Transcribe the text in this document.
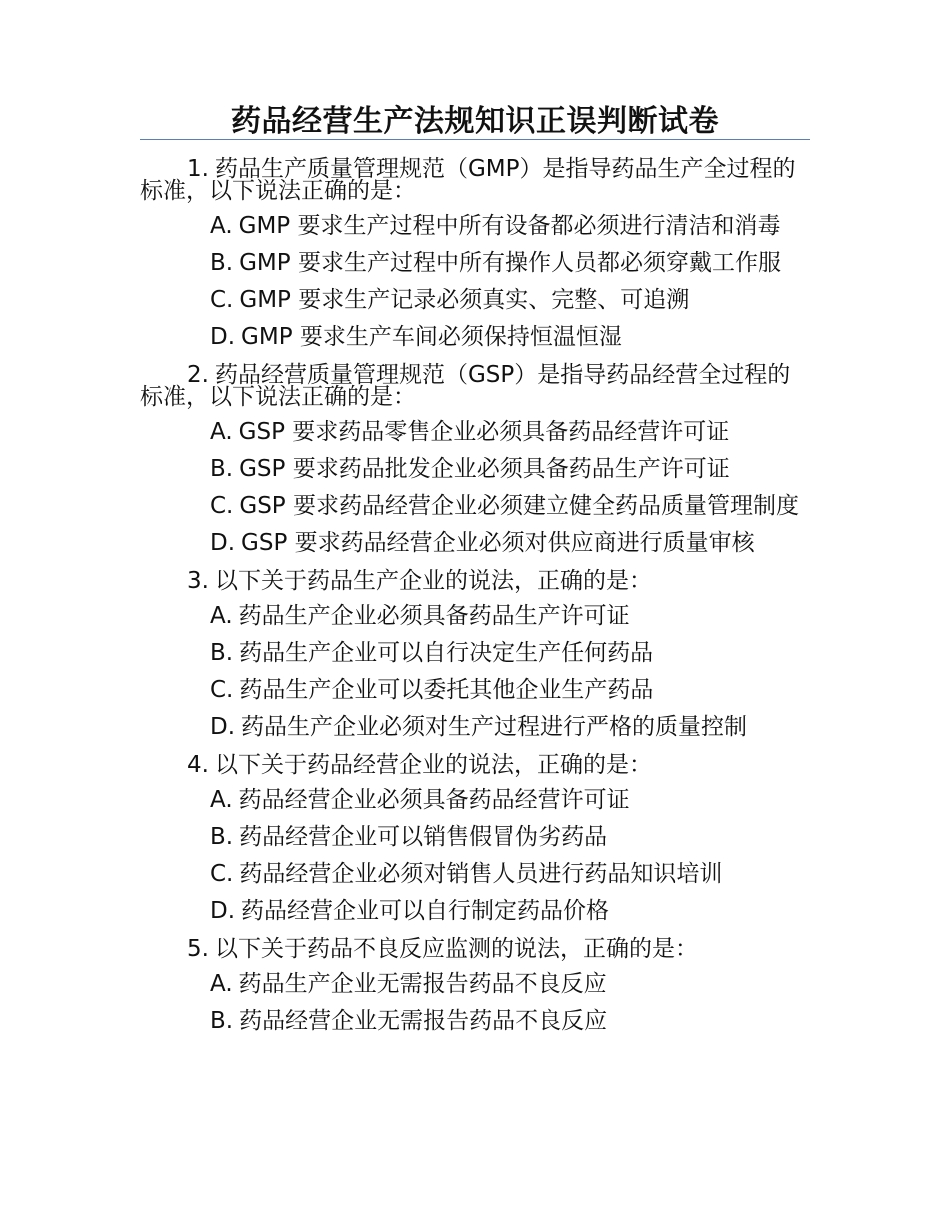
药品经营生产法规知识正误判断试卷

1. 药品生产质量管理规范（GMP）是指导药品生产全过程的标准，以下说法正确的是：

A. GMP 要求生产过程中所有设备都必须进行清洁和消毒

B. GMP 要求生产过程中所有操作人员都必须穿戴工作服

C. GMP 要求生产记录必须真实、完整、可追溯

D. GMP 要求生产车间必须保持恒温恒湿

2. 药品经营质量管理规范（GSP）是指导药品经营全过程的标准，以下说法正确的是：

A. GSP 要求药品零售企业必须具备药品经营许可证

B. GSP 要求药品批发企业必须具备药品生产许可证

C. GSP 要求药品经营企业必须建立健全药品质量管理制度

D. GSP 要求药品经营企业必须对供应商进行质量审核

3. 以下关于药品生产企业的说法，正确的是：

A. 药品生产企业必须具备药品生产许可证

B. 药品生产企业可以自行决定生产任何药品

C. 药品生产企业可以委托其他企业生产药品

D. 药品生产企业必须对生产过程进行严格的质量控制

4. 以下关于药品经营企业的说法，正确的是：

A. 药品经营企业必须具备药品经营许可证

B. 药品经营企业可以销售假冒伪劣药品

C. 药品经营企业必须对销售人员进行药品知识培训

D. 药品经营企业可以自行制定药品价格

5. 以下关于药品不良反应监测的说法，正确的是：

A. 药品生产企业无需报告药品不良反应

B. 药品经营企业无需报告药品不良反应
